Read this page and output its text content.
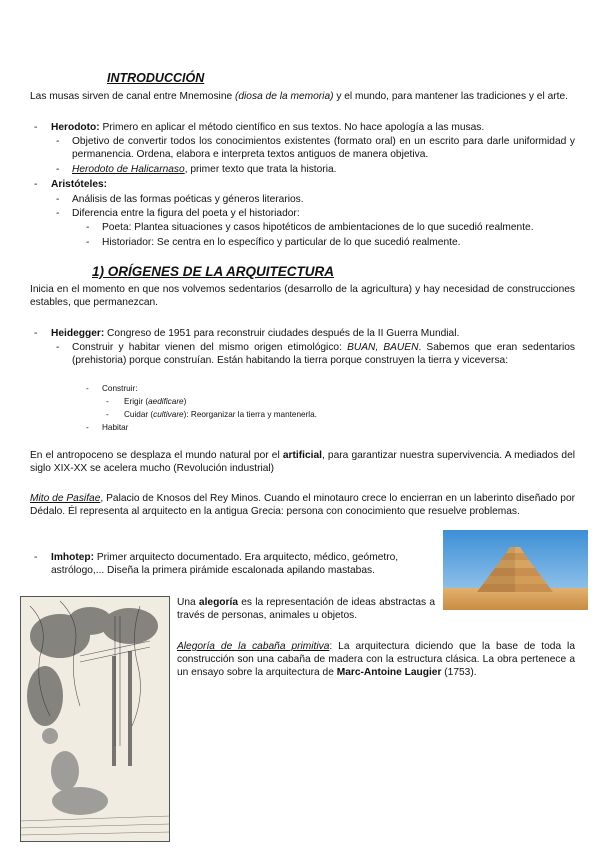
INTRODUCCIÓN
Las musas sirven de canal entre Mnemosine (diosa de la memoria) y el mundo, para mantener las tradiciones y el arte.
- Herodoto: Primero en aplicar el método científico en sus textos. No hace apología a las musas.
- Objetivo de convertir todos los conocimientos existentes (formato oral) en un escrito para darle uniformidad y permanencia. Ordena, elabora e interpreta textos antiguos de manera objetiva.
- Herodoto de Halicarnaso, primer texto que trata la historia.
- Aristóteles:
- Análisis de las formas poéticas y géneros literarios.
- Diferencia entre la figura del poeta y el historiador:
- Poeta: Plantea situaciones y casos hipotéticos de ambientaciones de lo que sucedió realmente.
- Historiador: Se centra en lo específico y particular de lo que sucedió realmente.
1) ORÍGENES DE LA ARQUITECTURA
Inicia en el momento en que nos volvemos sedentarios (desarrollo de la agricultura) y hay necesidad de construcciones estables, que permanezcan.
- Heidegger: Congreso de 1951 para reconstruir ciudades después de la II Guerra Mundial.
- Construir y habitar vienen del mismo origen etimológico: BUAN, BAUEN. Sabemos que eran sedentarios (prehistoria) porque construían. Están habitando la tierra porque construyen la tierra y viceversa:
- Construir:
- Erigir (aedificare)
- Cuidar (cultivare): Reorganizar la tierra y mantenerla.
- Habitar
En el antropoceno se desplaza el mundo natural por el artificial, para garantizar nuestra supervivencia. A mediados del siglo XIX-XX se acelera mucho (Revolución industrial)
Mito de Pasifae, Palacio de Knosos del Rey Minos. Cuando el minotauro crece lo encierran en un laberinto diseñado por Dédalo. Él representa al arquitecto en la antigua Grecia: persona con conocimiento que resuelve problemas.
- Imhotep: Primer arquitecto documentado. Era arquitecto, médico, geómetro, astrólogo,... Diseña la primera pirámide escalonada apilando mastabas.
Una alegoría es la representación de ideas abstractas a través de personas, animales u objetos.
Alegoría de la cabaña primitiva: La arquitectura diciendo que la base de toda la construcción son una cabaña de madera con la estructura clásica. La obra pertenece a un ensayo sobre la arquitectura de Marc-Antoine Laugier (1753).
